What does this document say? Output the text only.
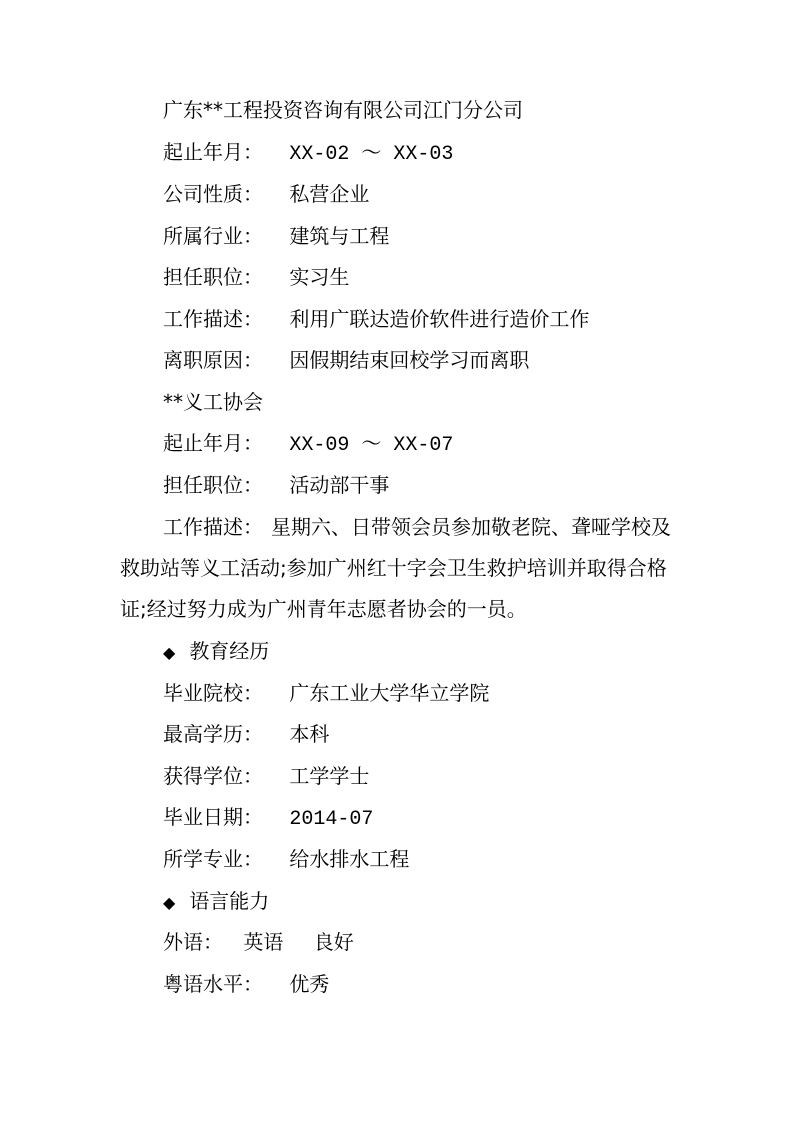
广东**工程投资咨询有限公司江门分公司
起止年月： XX-02 ～ XX-03
公司性质： 私营企业
所属行业： 建筑与工程
担任职位： 实习生
工作描述： 利用广联达造价软件进行造价工作
离职原因： 因假期结束回校学习而离职
**义工协会
起止年月： XX-09 ～ XX-07
担任职位： 活动部干事
工作描述： 星期六、日带领会员参加敬老院、聋哑学校及救助站等义工活动;参加广州红十字会卫生救护培训并取得合格证;经过努力成为广州青年志愿者协会的一员。
◆ 教育经历
毕业院校： 广东工业大学华立学院
最高学历： 本科
获得学位： 工学学士
毕业日期： 2014-07
所学专业： 给水排水工程
◆ 语言能力
外语： 英语 良好
粤语水平： 优秀
